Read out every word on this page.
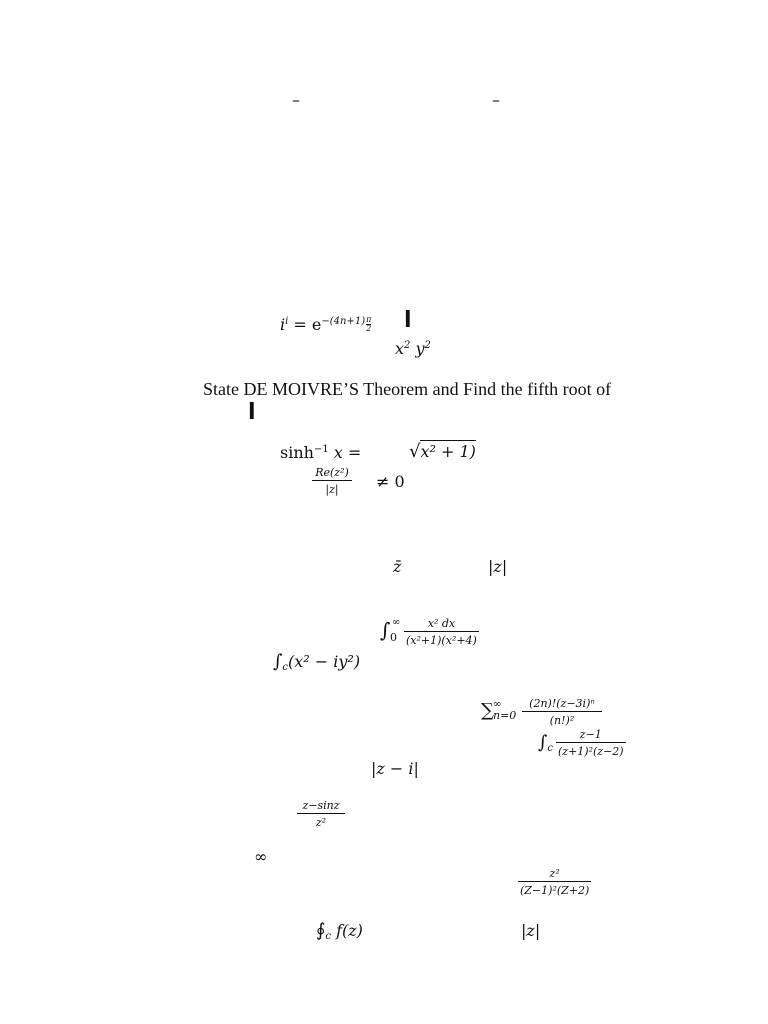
–	–
$i^i = e^{-(4n+1)} \frac{\pi}{2}$ l
$x^2$ $y^2$
State DE MOIVRE’S Theorem and Find the fifth root of
l
$\sinh^{-1} x$ =	√x² + 1)
$\frac{\text{Re(z²)}}{|z|} \ne 0$
z̄	|z|
∫ ∞
$0 \frac{\text{x² dx}}{\text{(x²+1)(x²+4)}}$
$\int_c(x^2 - iy^2)$
∑ ∞
$n=0 \frac{\text{(2n)!(z−3i)ⁿ}}{\text{(n!)²}}$
$\int_c \frac{z-1}{\text{(z+1)²(z−2)}}$
|z − i|
$\frac{z-\sin z}{\text{z²}}$
∞
$\frac{\text{z²}}{\text{(Z−1)²(Z+2)}}$
$∮_c$ f(z)	|z|
